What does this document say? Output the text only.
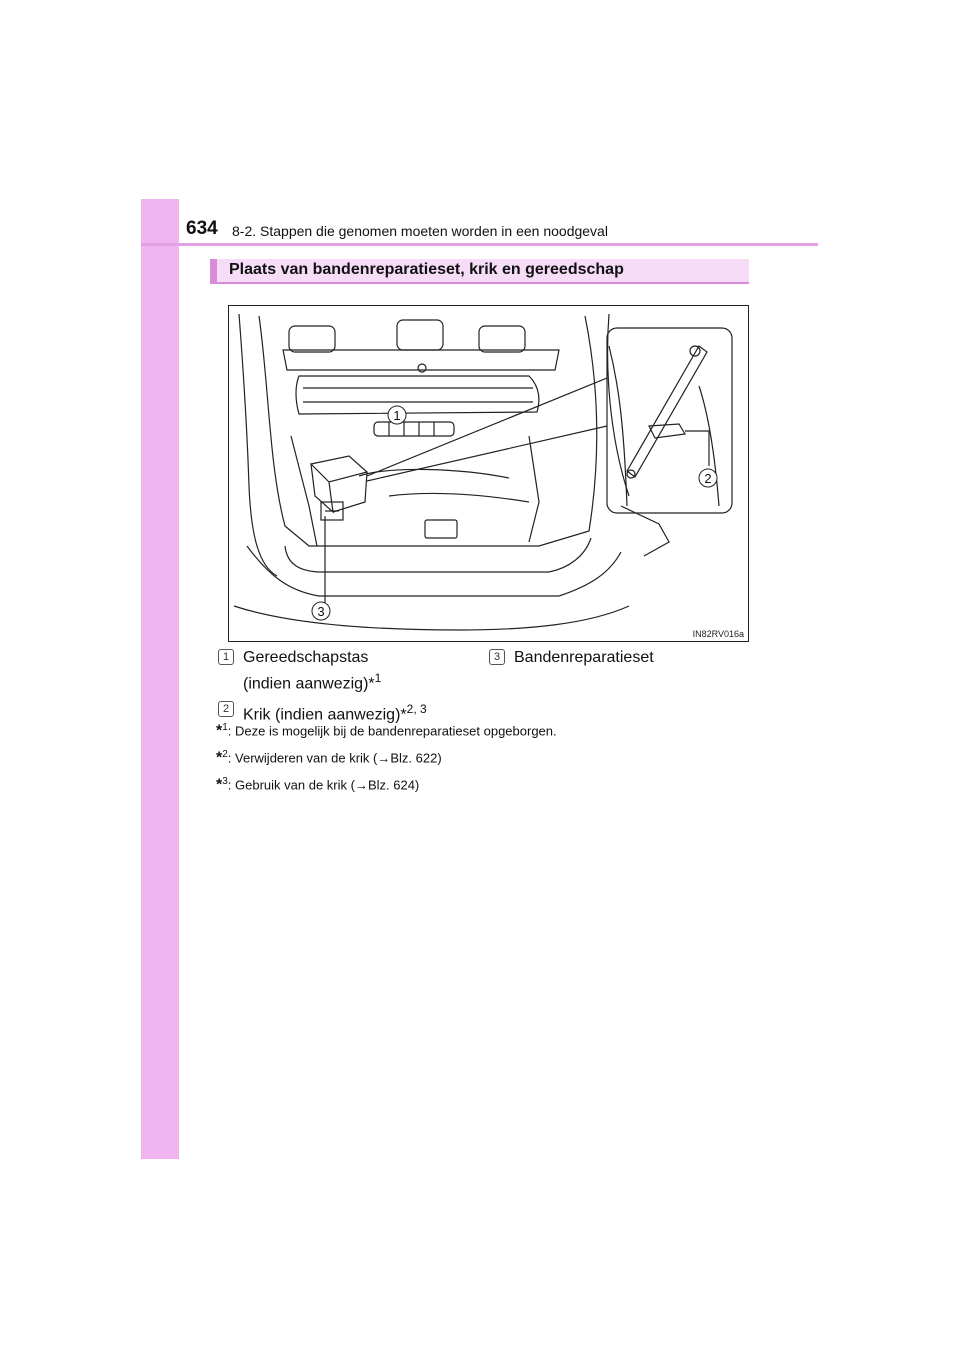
634 8-2. Stappen die genomen moeten worden in een noodgeval
Plaats van bandenreparatieset, krik en gereedschap
1
2
3
IN82RV016a
1 Gereedschapstas
(indien aanwezig)*$^1$
2 Krik (indien aanwezig)*$^{2, 3}$
3 Bandenreparatieset
*$^1$: Deze is mogelijk bij de bandenreparatieset opgeborgen.
*$^2$: Verwijderen van de krik (→Blz. 622)
*$^3$: Gebruik van de krik (→Blz. 624)
